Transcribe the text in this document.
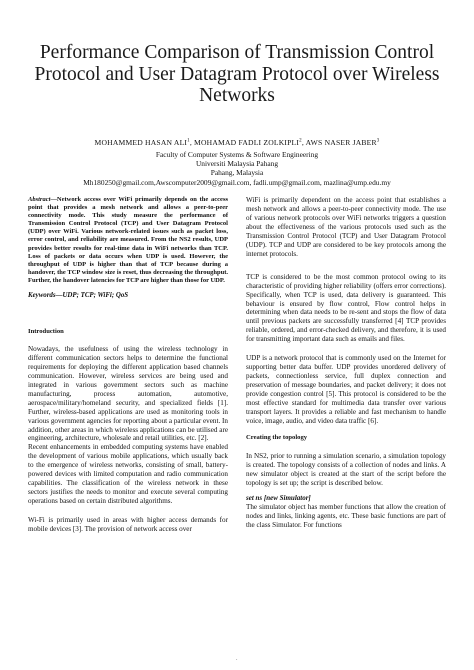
Performance Comparison of Transmission Control
Protocol and User Datagram Protocol over Wireless
Networks
MOHAMMED HASAN ALI$^1$, MOHAMAD FADLI ZOLKIPLI$^2$, AWS NASER JABER$^3$
Faculty of Computer Systems & Software Engineering
Universiti Malaysia Pahang
Pahang, Malaysia
Mh180250@gmail.com,Awscomputer2009@gmail.com, fadli.ump@gmail.com, mazlina@ump.edu.my

Abstract—Network access over WiFi primarily depends on the access point that provides a mesh network and allows a peer-to-peer connectivity mode. This study measure the performance of Transmission Control Protocol (TCP) and User Datagram Protocol (UDP) over WiFi. Various network-related issues such as packet loss, error control, and reliability are measured. From the NS2 results, UDP provides better results for real-time data in WiFi networks than TCP. Loss of packets or data occurs when UDP is used. However, the throughput of UDP is higher than that of TCP because during a handover, the TCP window size is reset, thus decreasing the throughput. Further, the handover latencies for TCP are higher than those for UDP.

Keywords—UDP; TCP; WiFi; QoS

Introduction

Nowadays, the usefulness of using the wireless technology in different communication sectors helps to determine the functional requirements for deploying the different application based channels communication. However, wireless services are being used and integrated in various government sectors such as machine manufacturing, process automation, automotive, aerospace/military/homeland security, and specialized fields [1]. Further, wireless-based applications are used as monitoring tools in various government agencies for reporting about a particular event. In addition, other areas in which wireless applications can be utilised are engineering, architecture, wholesale and retail utilities, etc. [2].

Recent enhancements in embedded computing systems have enabled the development of various mobile applications, which usually back to the emergence of wireless networks, consisting of small, battery-powered devices with limited computation and radio communication capabilities. The classification of the wireless network in these sectors justifies the needs to monitor and execute several computing operations based on certain distributed algorithms.

Wi-Fi is primarily used in areas with higher access demands for mobile devices [3]. The provision of network access over

WiFi is primarily dependent on the access point that establishes a mesh network and allows a peer-to-peer connectivity mode. The use of various network protocols over WiFi networks triggers a question about the effectiveness of the various protocols used such as the Transmission Control Protocol (TCP) and User Datagram Protocol (UDP). TCP and UDP are considered to be key protocols among the internet protocols.

TCP is considered to be the most common protocol owing to its characteristic of providing higher reliability (offers error corrections). Specifically, when TCP is used, data delivery is guaranteed. This behaviour is ensured by flow control, Flow control helps in determining when data needs to be re-sent and stops the flow of data until previous packets are successfully transferred [4] TCP provides reliable, ordered, and error-checked delivery, and therefore, it is used for transmitting important data such as emails and files.

UDP is a network protocol that is commonly used on the Internet for supporting better data buffer. UDP provides unordered delivery of packets, connectionless service, full duplex connection and preservation of message boundaries, and packet delivery; it does not provide congestion control [5]. This protocol is considered to be the most effective standard for multimedia data transfer over various transport layers. It provides a reliable and fast mechanism to handle voice, image, audio, and video data traffic [6].

Creating the topology

In NS2, prior to running a simulation scenario, a simulation topology is created. The topology consists of a collection of nodes and links. A new simulator object is created at the start of the script before the topology is set up; the script is described below.

set ns [new Simulator]

The simulator object has member functions that allow the creation of nodes and links, linking agents, etc. These basic functions are part of the class Simulator. For functions

.
